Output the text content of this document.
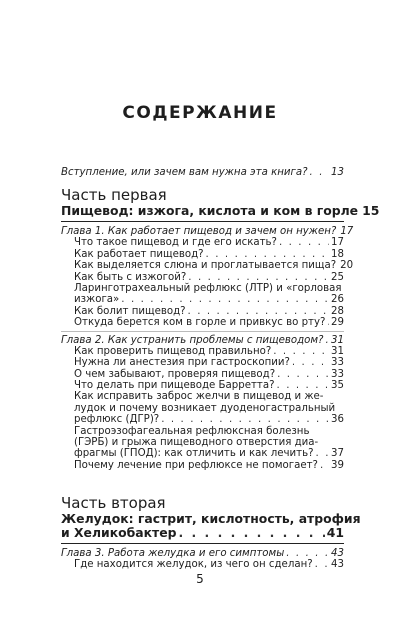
СОДЕРЖАНИЕ
Вступление, или зачем вам нужна эта книга? . . . 13
Часть первая
Пищевод: изжога, кислота и ком в горле 15
Глава 1. Как работает пищевод и зачем он нужен? 17
Что такое пищевод и где его искать? . . .	17
Как работает пищевод? . . .	18
Как выделяется слюна и проглатывается пища? 20
Как быть с изжогой? . . .	25
Ларинготрахеальный рефлюкс (ЛТР) и «горловая
изжога» . . .	26
Как болит пищевод? . . .	28
Откуда берется ком в горле и привкус во рту? . . . 29
Глава 2. Как устранить проблемы с пищеводом? . . . 31
Как проверить пищевод правильно? . . .	31
Нужна ли анестезия при гастроскопии? . . .	33
О чем забывают, проверяя пищевод? . . .	33
Что делать при пищеводе Барретта? . . .	35
Как исправить заброс желчи в пищевод и же-
лудок и почему возникает дуоденогастральный
рефлюкс (ДГР)? . . .	36
Гастроэзофагеальная рефлюксная болезнь
(ГЭРБ) и грыжа пищеводного отверстия диа-
фрагмы (ГПОД): как отличить и как лечить? . . . 37
Почему лечение при рефлюксе не помогает? . . . 39
Часть вторая
Желудок: гастрит, кислотность, атрофия
и Хеликобактер . . .	41
Глава 3. Работа желудка и его симптомы . . .	43
Где находится желудок, из чего он сделан? . . . 43
5
